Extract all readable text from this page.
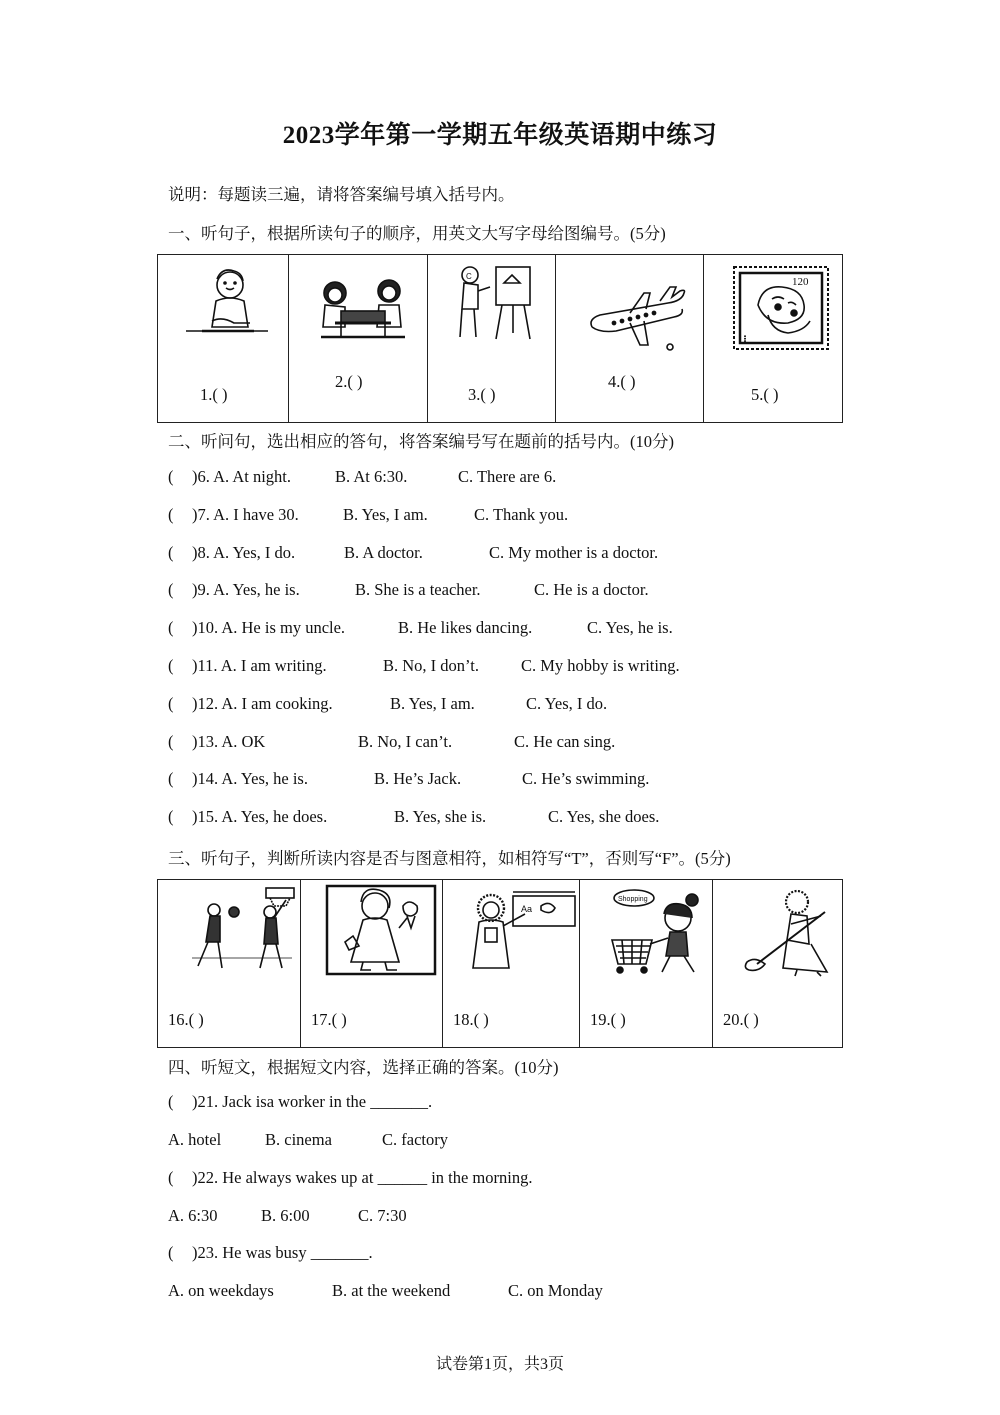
2023学年第一学期五年级英语期中练习
说明：每题读三遍，请将答案编号填入括号内。
一、听句子，根据所读句子的顺序，用英文大写字母给图编号。(5分)
1.( )
2.( )
C
3.( )
4.( )
120
•••
5.( )
二、听问句，选出相应的答句，将答案编号写在题前的括号内。(10分)
( )6. A. At night.	B. At 6:30.	C. There are 6.
( )7. A. I have 30.	B. Yes, I am.	C. Thank you.
( )8. A. Yes, I do.	B. A doctor.	C. My mother is a doctor.
( )9. A. Yes, he is.	B. She is a teacher.	C. He is a doctor.
( )10. A. He is my uncle.	B. He likes dancing.	C. Yes, he is.
( )11. A. I am writing.	B. No, I don’t.	C. My hobby is writing.
( )12. A. I am cooking.	B. Yes, I am.	C. Yes, I do.
( )13. A. OK	B. No, I can’t.	C. He can sing.
( )14. A. Yes, he is.	B. He’s Jack.	C. He’s swimming.
( )15. A. Yes, he does.	B. Yes, she is.	C. Yes, she does.
三、听句子，判断所读内容是否与图意相符，如相符写“T”，否则写“F”。(5分)
16.( )	17.( )
Aa
18.( )
Shopping
19.( )	20.( )
四、听短文，根据短文内容，选择正确的答案。(10分)
( )21. Jack isa worker in the _______.
A. hotel	B. cinema	C. factory
( )22. He always wakes up at ______ in the morning.
A. 6:30	B. 6:00	C. 7:30
( )23. He was busy _______.
A. on weekdays	B. at the weekend	C. on Monday
试卷第1页，共3页
